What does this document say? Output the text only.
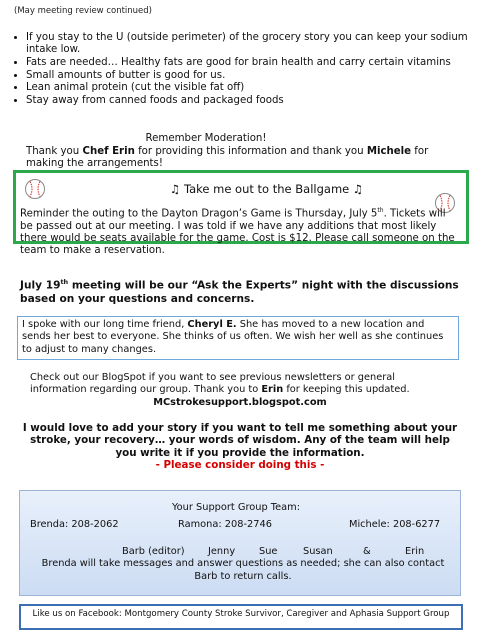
(May meeting review continued)
• If you stay to the U (outside perimeter) of the grocery story you can keep your sodium intake low.
• Fats are needed… Healthy fats are good for brain health and carry certain vitamins
• Small amounts of butter is good for us.
• Lean animal protein (cut the visible fat off)
• Stay away from canned foods and packaged foods
Remember Moderation!
Thank you Chef Erin for providing this information and thank you Michele for making the arrangements!
♫ Take me out to the Ballgame ♫
Reminder the outing to the Dayton Dragon’s Game is Thursday, July 5th. Tickets will be passed out at our meeting. I was told if we have any additions that most likely there would be seats available for the game. Cost is $12. Please call someone on the team to make a reservation.
July 19th meeting will be our “Ask the Experts” night with the discussions based on your questions and concerns.
I spoke with our long time friend, Cheryl E. She has moved to a new location and sends her best to everyone. She thinks of us often. We wish her well as she continues to adjust to many changes.
Check out our BlogSpot if you want to see previous newsletters or general information regarding our group. Thank you to Erin for keeping this updated.
MCstrokesupport.blogspot.com
I would love to add your story if you want to tell me something about your stroke, your recovery… your words of wisdom. Any of the team will help you write it if you provide the information.
- Please consider doing this -
Your Support Group Team:
Brenda: 208-2062	Ramona: 208-2746	Michele: 208-6277
Barb (editor) Jenny Sue	Susan	&	Erin
Brenda will take messages and answer questions as needed; she can also contact Barb to return calls.
Like us on Facebook: Montgomery County Stroke Survivor, Caregiver and Aphasia Support Group
